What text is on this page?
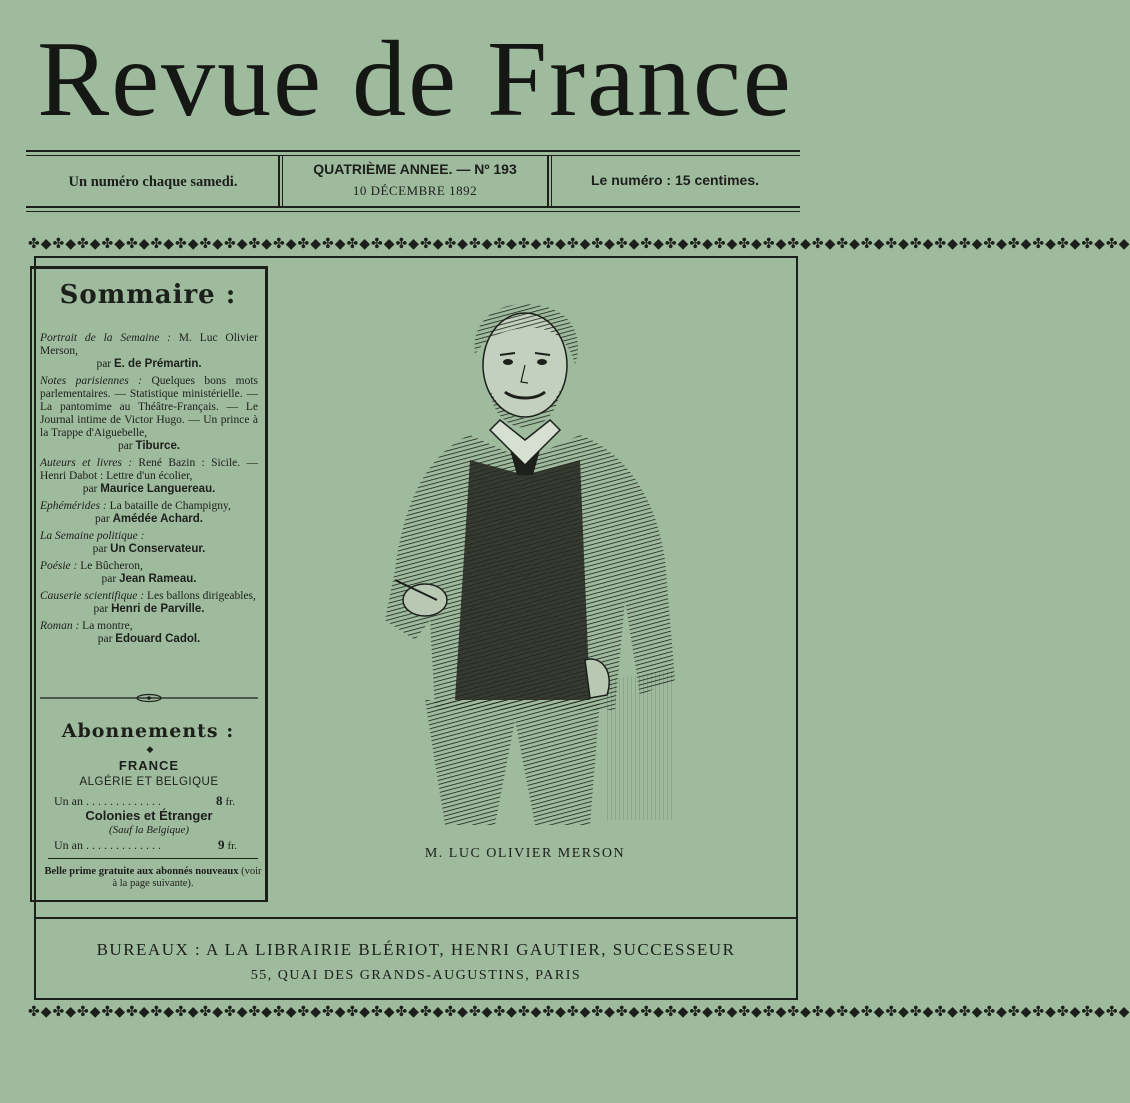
Revue de France
Un numéro chaque samedi.
QUATRIÈME ANNEE. — Nº 193
10 DÉCEMBRE 1892
Le numéro : 15 centimes.
✤◆✤◆✤◆✤◆✤◆✤◆✤◆✤◆✤◆✤◆✤◆✤◆✤◆✤◆✤◆✤◆✤◆✤◆✤◆✤◆✤◆✤◆✤◆✤◆✤◆✤◆✤◆✤◆✤◆✤◆✤◆✤◆✤◆✤◆✤◆✤◆✤◆✤◆✤◆✤◆✤◆✤◆✤◆✤◆✤◆
✤◆✤◆✤◆✤◆✤◆✤◆✤◆✤◆✤◆✤◆✤◆✤◆✤◆✤◆✤◆✤◆✤◆✤◆✤◆✤◆✤◆✤◆✤◆✤◆✤◆✤◆✤◆✤◆✤◆✤◆✤◆✤◆✤◆✤◆✤◆✤◆✤◆✤◆✤◆✤◆✤◆✤◆✤◆✤◆✤◆
Sommaire :
Portrait de la Semaine : M. Luc Olivier Merson,
par E. de Prémartin.
Notes parisiennes : Quelques bons mots parlementaires. — Statistique ministérielle. — La pantomime au Théâtre-Français. — Le Journal intime de Victor Hugo. — Un prince à la Trappe d'Aiguebelle,
par Tiburce.
Auteurs et livres : René Bazin : Sicile. — Henri Dabot : Lettre d'un écolier,
par Maurice Languereau.
Ephémérides : La bataille de Champigny,
par Amédée Achard.
La Semaine politique :
par Un Conservateur.
Poésie : Le Bûcheron,
par Jean Rameau.
Causerie scientifique : Les ballons dirigeables,
par Henri de Parville.
Roman : La montre,
par Edouard Cadol.
Abonnements :
◆
FRANCE
ALGÉRIE ET BELGIQUE
Un an . . . . . . . . . . . . .	8 fr.
Colonies et Étranger
(Sauf la Belgique)
Un an . . . . . . . . . . . . .	9 fr.
Belle prime gratuite aux abonnés nouveaux (voir à la page suivante).
M. LUC OLIVIER MERSON
BUREAUX : A LA LIBRAIRIE BLÉRIOT, HENRI GAUTIER, SUCCESSEUR
55, QUAI DES GRANDS-AUGUSTINS, PARIS
